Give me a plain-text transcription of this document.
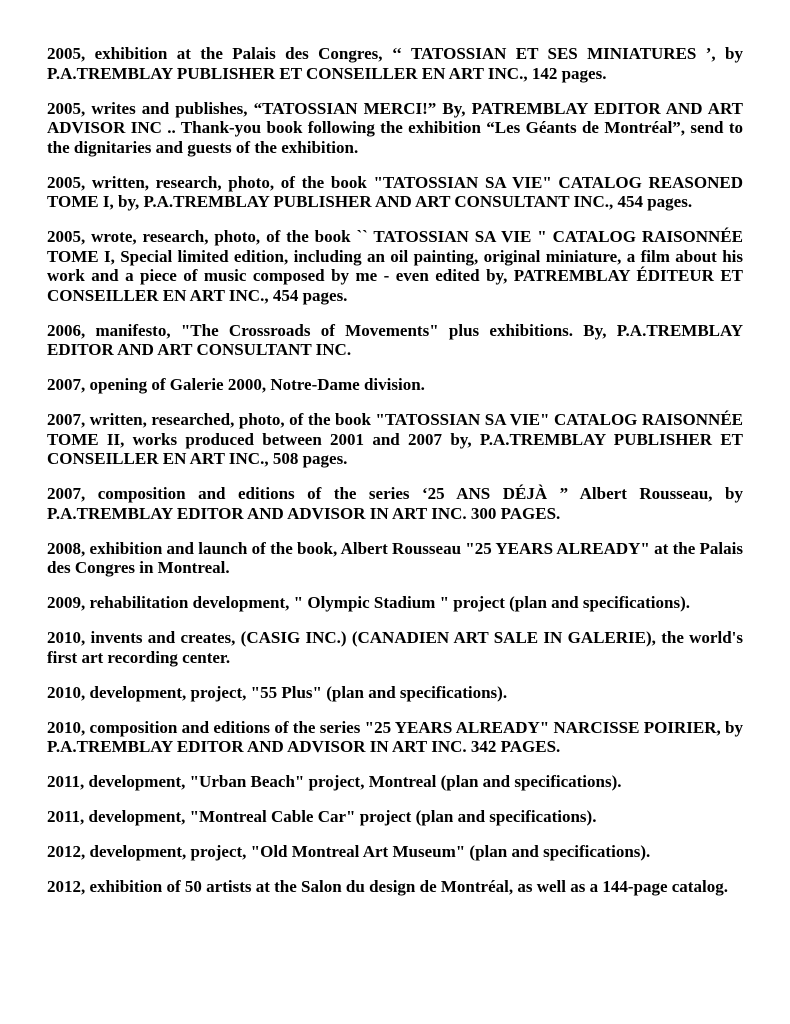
2005, exhibition at the Palais des Congres, ‘‘ TATOSSIAN ET SES MINIATURES ’, by P.A.TREMBLAY PUBLISHER ET CONSEILLER EN ART INC., 142 pages.

2005, writes and publishes, “TATOSSIAN MERCI!” By, PATREMBLAY EDITOR AND ART ADVISOR INC .. Thank-you book following the exhibition “Les Géants de Montréal”, send to the dignitaries and guests of the exhibition.

2005, written, research, photo, of the book "TATOSSIAN SA VIE" CATALOG REASONED TOME I, by, P.A.TREMBLAY PUBLISHER AND ART CONSULTANT INC., 454 pages.

2005, wrote, research, photo, of the book `` TATOSSIAN SA VIE " CATALOG RAISONNÉE TOME I, Special limited edition, including an oil painting, original miniature, a film about his work and a piece of music composed by me - even edited by, PATREMBLAY ÉDITEUR ET CONSEILLER EN ART INC., 454 pages.

2006, manifesto, "The Crossroads of Movements" plus exhibitions. By, P.A.TREMBLAY EDITOR AND ART CONSULTANT INC.

2007, opening of Galerie 2000, Notre-Dame division.

2007, written, researched, photo, of the book "TATOSSIAN SA VIE" CATALOG RAISONNÉE TOME II, works produced between 2001 and 2007 by, P.A.TREMBLAY PUBLISHER ET CONSEILLER EN ART INC., 508 pages.

2007, composition and editions of the series ‘25 ANS DÉJÀ ” Albert Rousseau, by P.A.TREMBLAY EDITOR AND ADVISOR IN ART INC. 300 PAGES.

2008, exhibition and launch of the book, Albert Rousseau "25 YEARS ALREADY" at the Palais des Congres in Montreal.

2009, rehabilitation development, " Olympic Stadium " project (plan and specifications).

2010, invents and creates, (CASIG INC.) (CANADIEN ART SALE IN GALERIE), the world's first art recording center.

2010, development, project, "55 Plus" (plan and specifications).

2010, composition and editions of the series "25 YEARS ALREADY" NARCISSE POIRIER, by P.A.TREMBLAY EDITOR AND ADVISOR IN ART INC. 342 PAGES.

2011, development, "Urban Beach" project, Montreal (plan and specifications).

2011, development, "Montreal Cable Car" project (plan and specifications).

2012, development, project, "Old Montreal Art Museum" (plan and specifications).

2012, exhibition of 50 artists at the Salon du design de Montréal, as well as a 144-page catalog.
